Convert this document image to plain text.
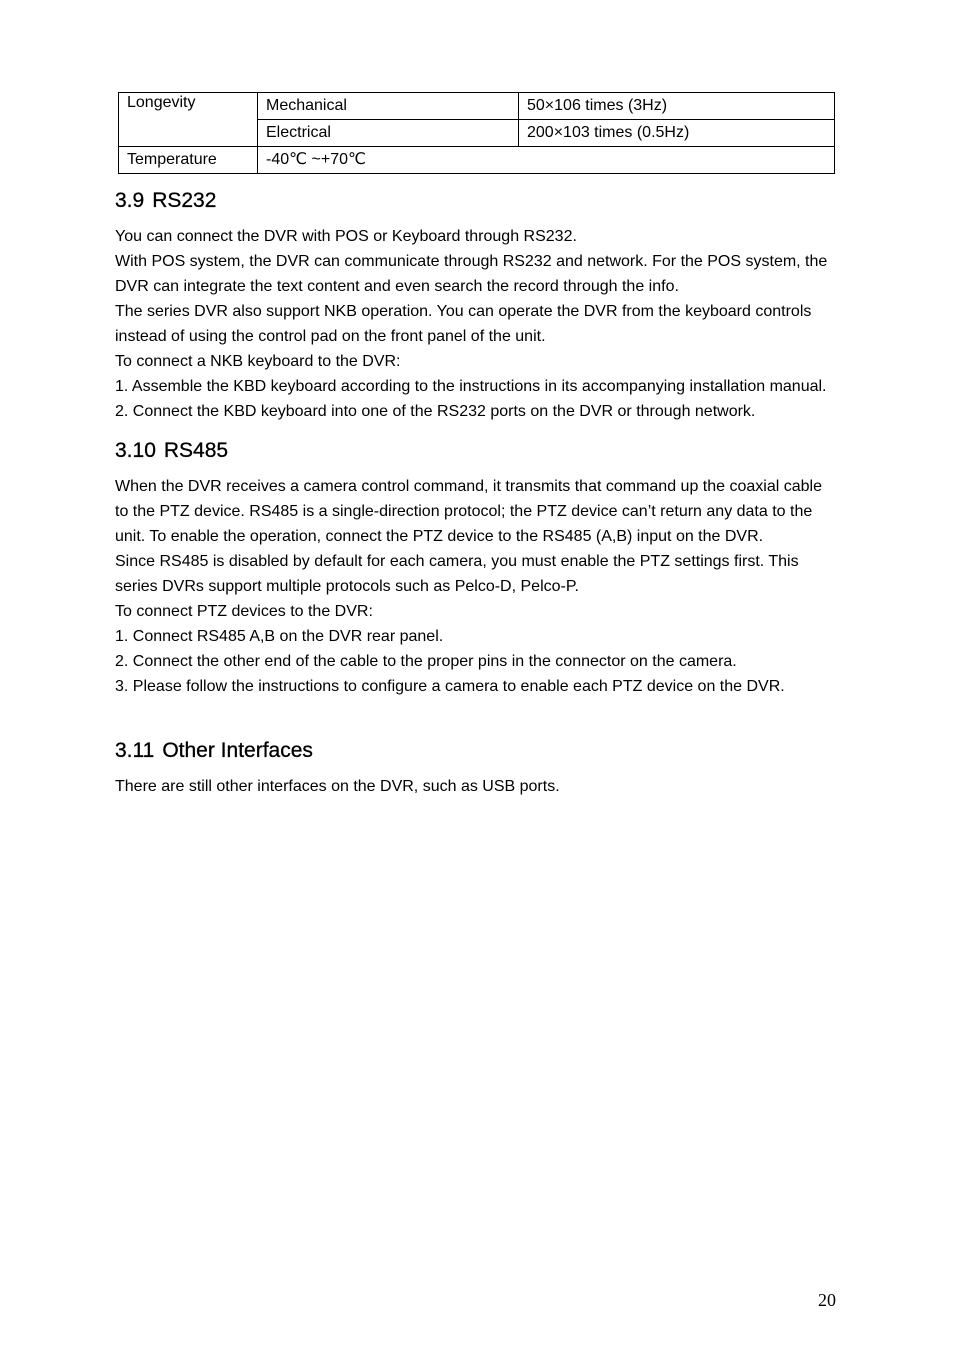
Longevity	Mechanical	50×106 times (3Hz)
	Electrical	200×103 times (0.5Hz)
Temperature	-40℃ ~+70℃	
3.9 RS232

You can connect the DVR with POS or Keyboard through RS232.

With POS system, the DVR can communicate through RS232 and network. For the POS system, the

DVR can integrate the text content and even search the record through the info.

The series DVR also support NKB operation. You can operate the DVR from the keyboard controls

instead of using the control pad on the front panel of the unit.

To connect a NKB keyboard to the DVR:

1. Assemble the KBD keyboard according to the instructions in its accompanying installation manual.

2. Connect the KBD keyboard into one of the RS232 ports on the DVR or through network.

3.10 RS485

When the DVR receives a camera control command, it transmits that command up the coaxial cable

to the PTZ device. RS485 is a single-direction protocol; the PTZ device can’t return any data to the

unit. To enable the operation, connect the PTZ device to the RS485 (A,B) input on the DVR.

Since RS485 is disabled by default for each camera, you must enable the PTZ settings first. This

series DVRs support multiple protocols such as Pelco-D, Pelco-P.

To connect PTZ devices to the DVR:

1. Connect RS485 A,B on the DVR rear panel.

2. Connect the other end of the cable to the proper pins in the connector on the camera.

3. Please follow the instructions to configure a camera to enable each PTZ device on the DVR.

3.11 Other Interfaces

There are still other interfaces on the DVR, such as USB ports.

20
